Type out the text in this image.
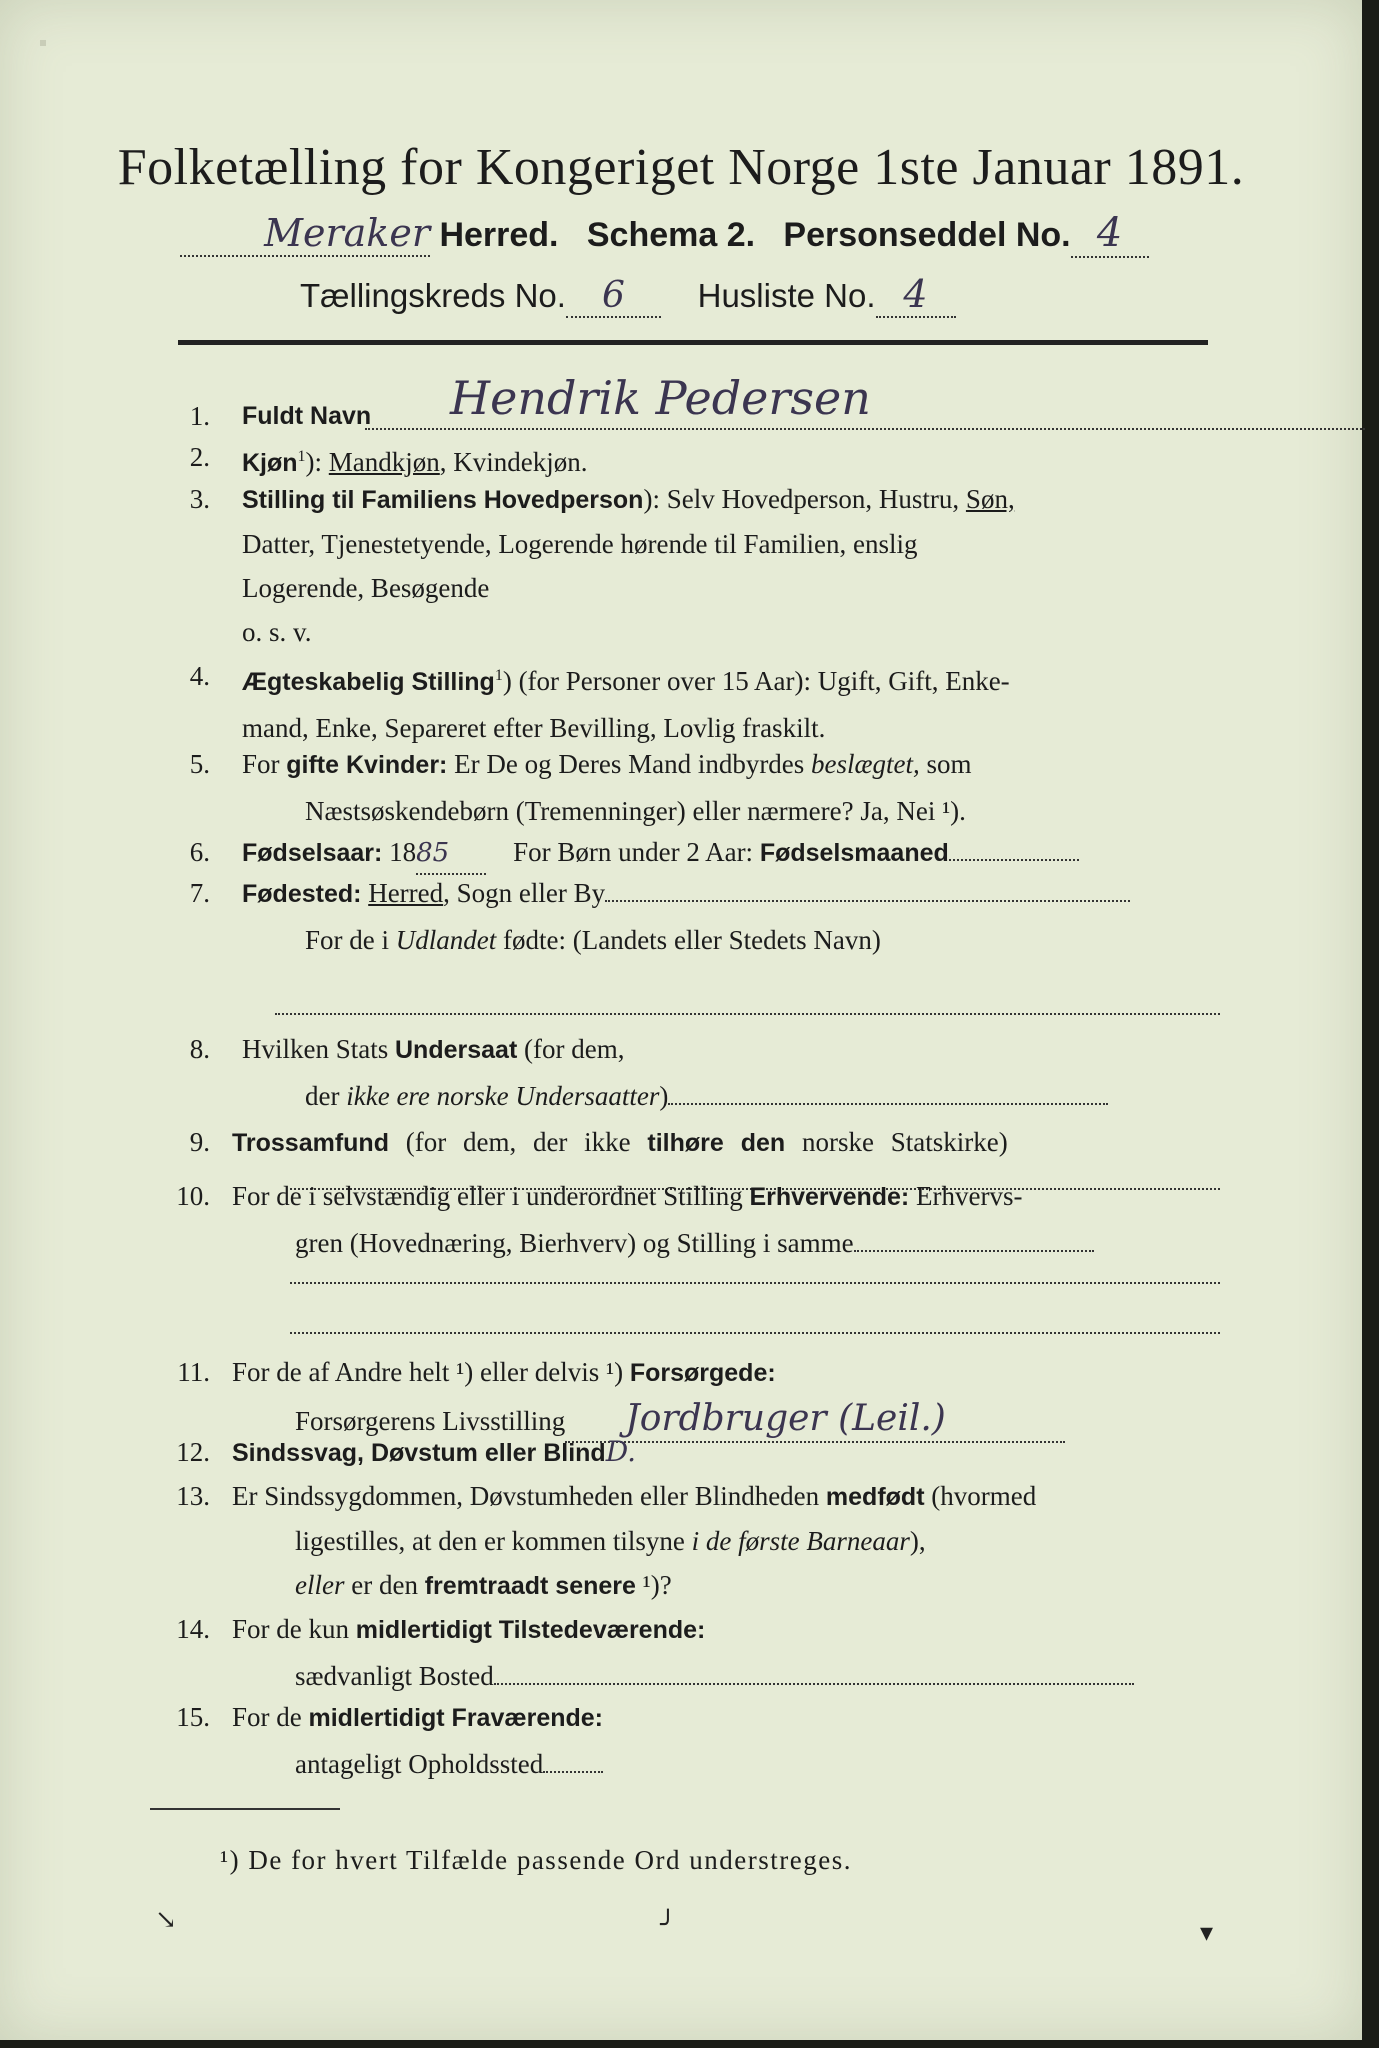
Folketælling for Kongeriget Norge 1ste Januar 1891.
Meraker Herred. Schema 2. Personseddel No. 4
Tællingskreds No. 6 Husliste No. 4
1. Fuldt Navn Hendrik Pedersen
2. Kjøn$^1$): Mandkjøn, Kvindekjøn.
3. Stilling til Familiens Hovedperson): Selv Hovedperson, Hustru, Søn,
Datter, Tjenestetyende, Logerende hørende til Familien, enslig
Logerende, Besøgende
o. s. v.
4. Ægteskabelig Stilling$^1$) (for Personer over 15 Aar): Ugift, Gift, Enke-
mand, Enke, Separeret efter Bevilling, Lovlig fraskilt.
5. For gifte Kvinder: Er De og Deres Mand indbyrdes beslægtet, som
Næstsøskendebørn (Tremenninger) eller nærmere? Ja, Nei ¹).
6. Fødselsaar: 1885 For Børn under 2 Aar: Fødselsmaaned
7. Fødested: Herred, Sogn eller By
For de i Udlandet fødte: (Landets eller Stedets Navn)
8. Hvilken Stats Undersaat (for dem,
der ikke ere norske Undersaatter)
9. Trossamfund (for dem, der ikke tilhøre den norske Statskirke)
10. For de i selvstændig eller i underordnet Stilling Erhvervende: Erhvervs-
gren (Hovednæring, Bierhverv) og Stilling i samme
11. For de af Andre helt ¹) eller delvis ¹) Forsørgede:
Forsørgerens Livsstilling Jordbruger (Leil.)
12. Sindssvag, Døvstum eller BlindD.
13. Er Sindssygdommen, Døvstumheden eller Blindheden medfødt (hvormed
ligestilles, at den er kommen tilsyne i de første Barneaar),
eller er den fremtraadt senere ¹)?
14. For de kun midlertidigt Tilstedeværende:
sædvanligt Bosted
15. For de midlertidigt Fraværende:
antageligt Opholdssted
¹) De for hvert Tilfælde passende Ord understreges.
↘	╯	▾
